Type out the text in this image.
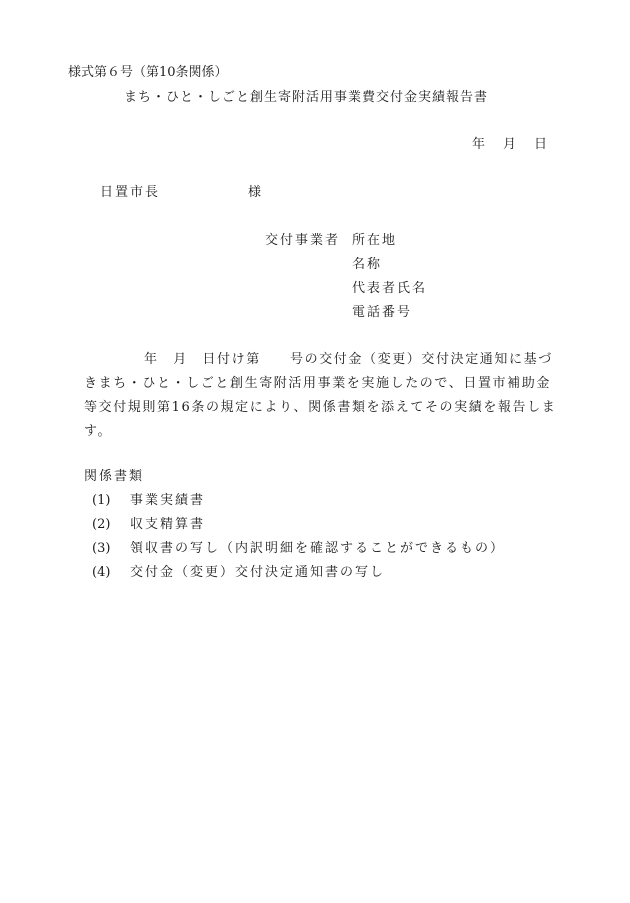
様式第６号（第10条関係）
まち・ひと・しごと創生寄附活用事業費交付金実績報告書
年 月 日
日置市長	様
交付事業者 所在地
名称
代表者氏名
電話番号
年　月　日付け第　　号の交付金（変更）交付決定通知に基づ
きまち・ひと・しごと創生寄附活用事業を実施したので、日置市補助金
等交付規則第16条の規定により、関係書類を添えてその実績を報告しま
す。
関係書類
(1) 事業実績書
(2) 収支精算書
(3) 領収書の写し（内訳明細を確認することができるもの）
(4) 交付金（変更）交付決定通知書の写し
